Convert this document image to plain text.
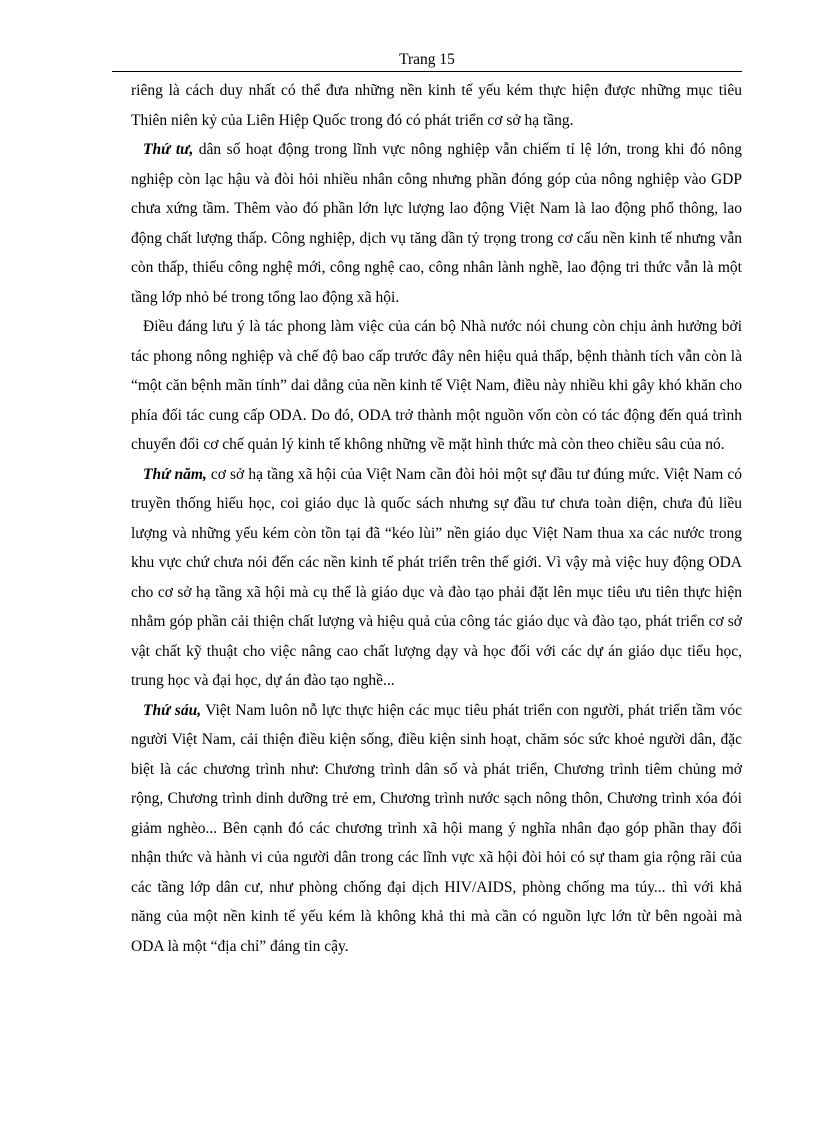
Trang 15

riêng là cách duy nhất có thể đưa những nền kinh tế yếu kém thực hiện được những mục tiêu Thiên niên kỷ của Liên Hiệp Quốc trong đó có phát triển cơ sở hạ tầng.

Thứ tư, dân số hoạt động trong lĩnh vực nông nghiệp vẫn chiếm tỉ lệ lớn, trong khi đó nông nghiệp còn lạc hậu và đòi hỏi nhiều nhân công nhưng phần đóng góp của nông nghiệp vào GDP chưa xứng tầm. Thêm vào đó phần lớn lực lượng lao động Việt Nam là lao động phổ thông, lao động chất lượng thấp. Công nghiệp, dịch vụ tăng dần tỷ trọng trong cơ cấu nền kinh tế nhưng vẫn còn thấp, thiếu công nghệ mới, công nghệ cao, công nhân lành nghề, lao động tri thức vẫn là một tầng lớp nhỏ bé trong tổng lao động xã hội.

Điều đáng lưu ý là tác phong làm việc của cán bộ Nhà nước nói chung còn chịu ảnh hưởng bởi tác phong nông nghiệp và chế độ bao cấp trước đây nên hiệu quả thấp, bệnh thành tích vẫn còn là “một căn bệnh mãn tính” dai dẳng của nền kinh tế Việt Nam, điều này nhiều khi gây khó khăn cho phía đối tác cung cấp ODA. Do đó, ODA trở thành một nguồn vốn còn có tác động đến quá trình chuyển đổi cơ chế quản lý kinh tế không những về mặt hình thức mà còn theo chiều sâu của nó.

Thứ năm, cơ sở hạ tầng xã hội của Việt Nam cần đòi hỏi một sự đầu tư đúng mức. Việt Nam có truyền thống hiếu học, coi giáo dục là quốc sách nhưng sự đầu tư chưa toàn diện, chưa đủ liều lượng và những yếu kém còn tồn tại đã “kéo lùi” nền giáo dục Việt Nam thua xa các nước trong khu vực chứ chưa nói đến các nền kinh tế phát triển trên thế giới. Vì vậy mà việc huy động ODA cho cơ sở hạ tầng xã hội mà cụ thể là giáo dục và đào tạo phải đặt lên mục tiêu ưu tiên thực hiện nhằm góp phần cải thiện chất lượng và hiệu quả của công tác giáo dục và đào tạo, phát triển cơ sở vật chất kỹ thuật cho việc nâng cao chất lượng dạy và học đối với các dự án giáo dục tiểu học, trung học và đại học, dự án đào tạo nghề...

Thứ sáu, Việt Nam luôn nỗ lực thực hiện các mục tiêu phát triển con người, phát triển tầm vóc người Việt Nam, cải thiện điều kiện sống, điều kiện sinh hoạt, chăm sóc sức khoẻ người dân, đặc biệt là các chương trình như: Chương trình dân số và phát triển, Chương trình tiêm chủng mở rộng, Chương trình dinh dưỡng trẻ em, Chương trình nước sạch nông thôn, Chương trình xóa đói giảm nghèo... Bên cạnh đó các chương trình xã hội mang ý nghĩa nhân đạo góp phần thay đổi nhận thức và hành vi của người dân trong các lĩnh vực xã hội đòi hỏi có sự tham gia rộng rãi của các tầng lớp dân cư, như phòng chống đại dịch HIV/AIDS, phòng chống ma túy... thì với khả năng của một nền kinh tế yếu kém là không khả thi mà cần có nguồn lực lớn từ bên ngoài mà ODA là một “địa chỉ” đáng tin cậy.
